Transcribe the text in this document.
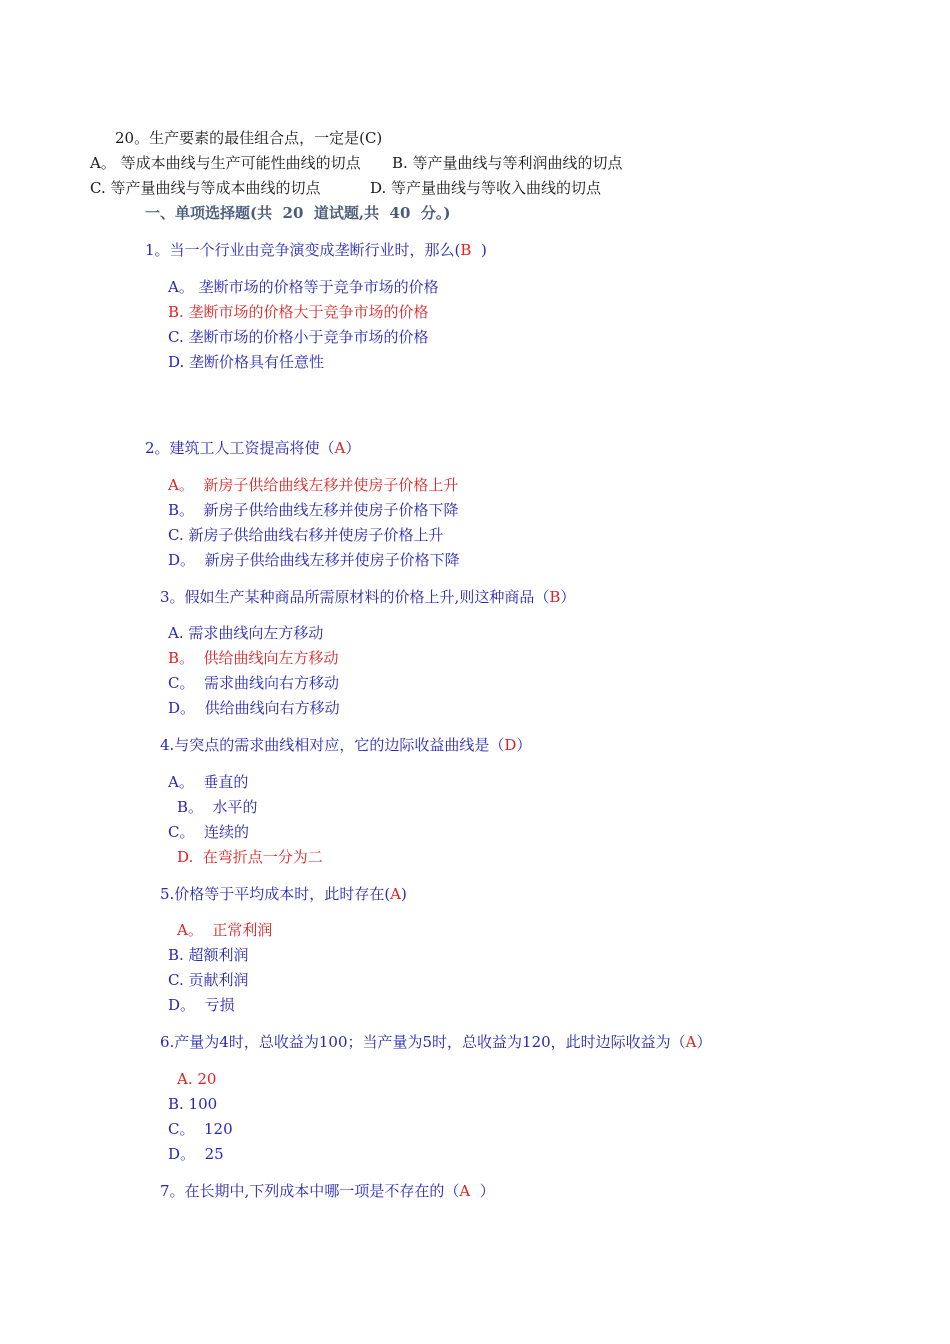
20。生产要素的最佳组合点，一定是(C)
A。 等成本曲线与生产可能性曲线的切点 B. 等产量曲线与等利润曲线的切点
C. 等产量曲线与等成本曲线的切点	D. 等产量曲线与等收入曲线的切点
一、单项选择题(共  20  道试题,共  40  分。)
1。当一个行业由竞争演变成垄断行业时，那么(B  )
A。 垄断市场的价格等于竞争市场的价格
B. 垄断市场的价格大于竞争市场的价格
C. 垄断市场的价格小于竞争市场的价格
D. 垄断价格具有任意性
2。建筑工人工资提高将使（A）
A。  新房子供给曲线左移并使房子价格上升
B。  新房子供给曲线左移并使房子价格下降
C. 新房子供给曲线右移并使房子价格上升
D。  新房子供给曲线左移并使房子价格下降
3。假如生产某种商品所需原材料的价格上升,则这种商品（B）
A. 需求曲线向左方移动
B。  供给曲线向左方移动
C。  需求曲线向右方移动
D。  供给曲线向右方移动
4.与突点的需求曲线相对应，它的边际收益曲线是（D）
A。  垂直的
B。  水平的
C。  连续的
D.  在弯折点一分为二
5.价格等于平均成本时，此时存在(A)
A。  正常利润
B. 超额利润
C. 贡献利润
D。  亏损
6.产量为4时，总收益为100；当产量为5时，总收益为120，此时边际收益为（A）
A. 20
B. 100
C。  120
D。  25
7。在长期中,下列成本中哪一项是不存在的（A  ）
